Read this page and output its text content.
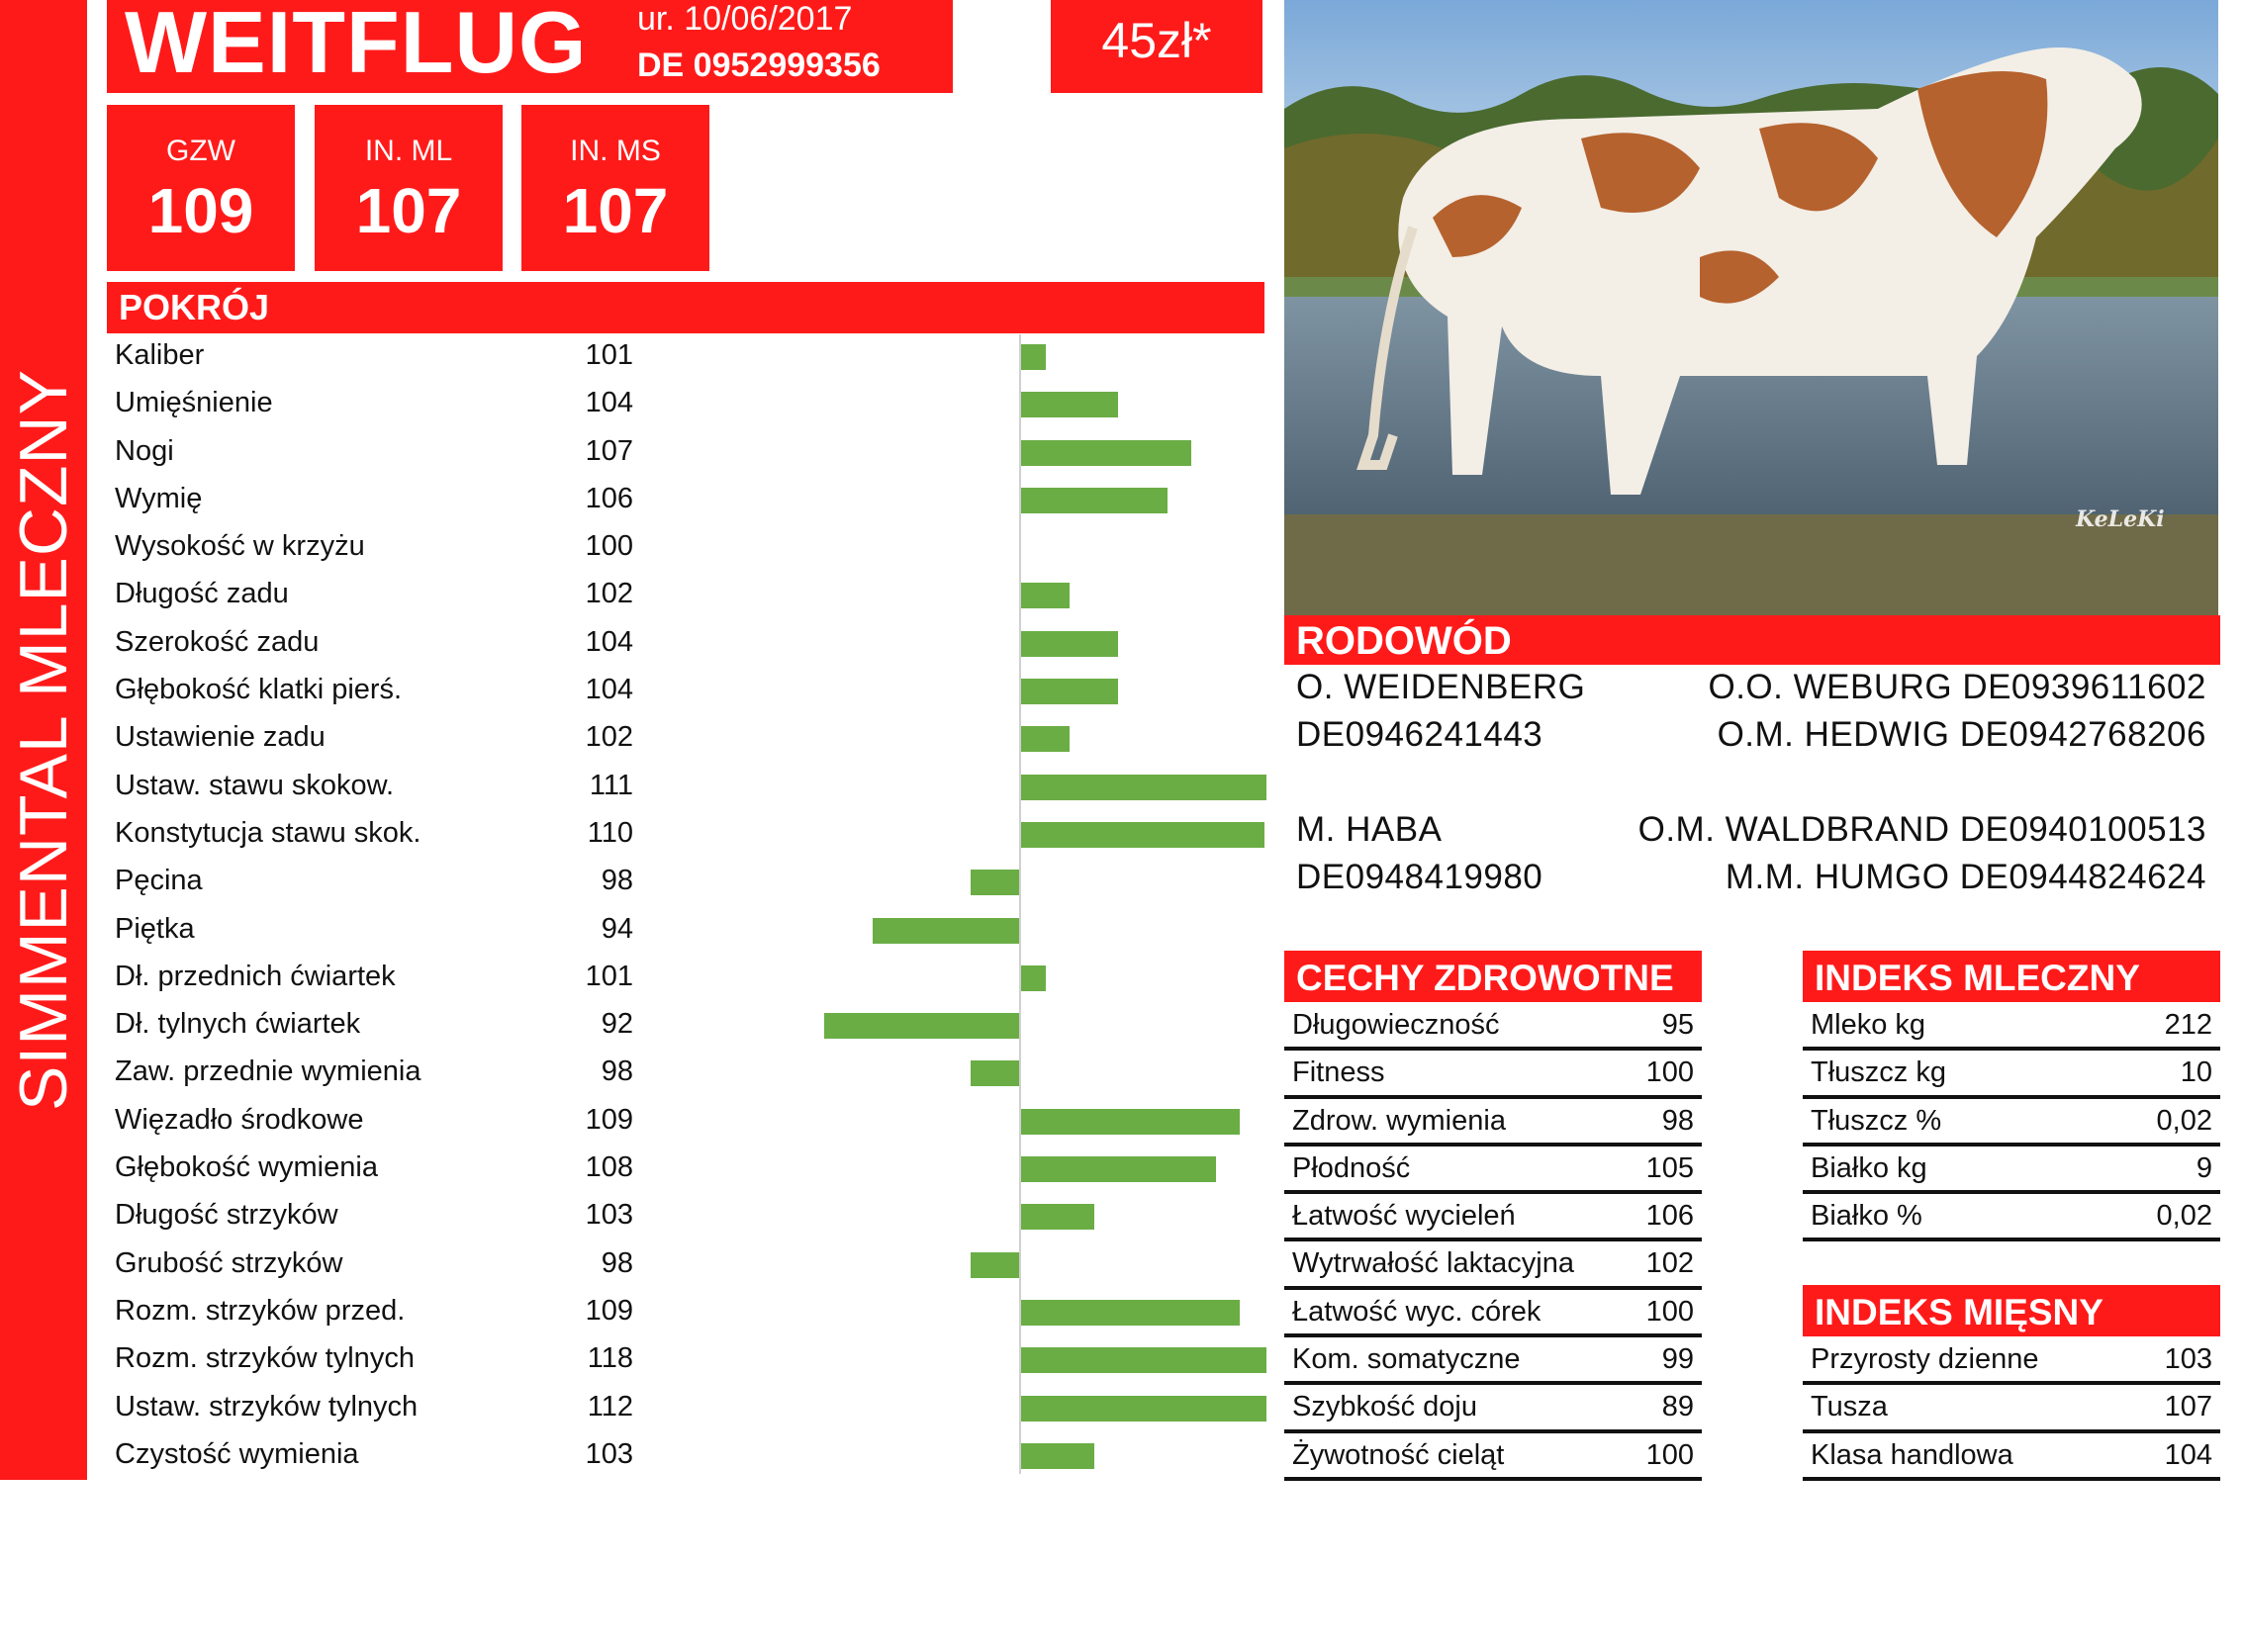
SIMMENTAL MLECZNY
WEITFLUG ur. 10/06/2017
DE 0952999356	45zł*
GZW
109
IN. ML
107
IN. MS
107
POKRÓJ
Kaliber	101
Umięśnienie	104
Nogi	107
Wymię	106
Wysokość w krzyżu	100
Długość zadu	102
Szerokość zadu	104
Głębokość klatki pierś.	104
Ustawienie zadu	102
Ustaw. stawu skokow.	111
Konstytucja stawu skok.	110
Pęcina	98
Piętka	94
Dł. przednich ćwiartek	101
Dł. tylnych ćwiartek	92
Zaw. przednie wymienia	98
Więzadło środkowe	109
Głębokość wymienia	108
Długość strzyków	103
Grubość strzyków	98
Rozm. strzyków przed.	109
Rozm. strzyków tylnych	118
Ustaw. strzyków tylnych	112
Czystość wymienia	103
KeLeKi
RODOWÓD
O. WEIDENBERG
DE0946241443
O.O. WEBURG DE0939611602
O.M. HEDWIG DE0942768206
M. HABA
DE0948419980
O.M. WALDBRAND DE0940100513
M.M. HUMGO DE0944824624
CECHY ZDROWOTNE
Długowieczność	95
Fitness	100
Zdrow. wymienia	98
Płodność	105
Łatwość wycieleń	106
Wytrwałość laktacyjna	102
Łatwość wyc. córek	100
Kom. somatyczne	99
Szybkość doju	89
Żywotność cieląt	100
INDEKS MLECZNY
Mleko kg	212
Tłuszcz kg	10
Tłuszcz %	0,02
Białko kg	9
Białko %	0,02
INDEKS MIĘSNY
Przyrosty dzienne	103
Tusza	107
Klasa handlowa	104
